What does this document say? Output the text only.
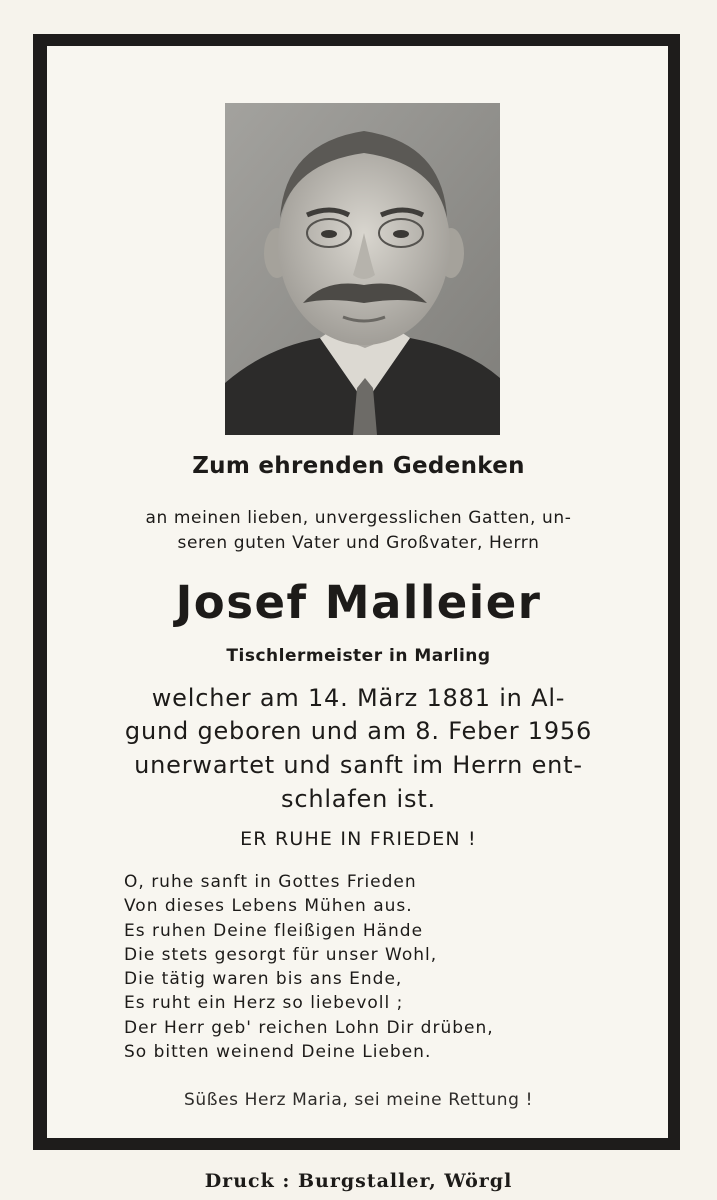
Zum ehrenden Gedenken
an meinen lieben, unvergesslichen Gatten, un-
seren guten Vater und Großvater, Herrn
Josef Malleier
Tischlermeister in Marling
welcher am 14. März 1881 in Al-
gund geboren und am 8. Feber 1956
unerwartet und sanft im Herrn ent-
schlafen ist.
ER RUHE IN FRIEDEN !
O, ruhe sanft in Gottes Frieden
Von dieses Lebens Mühen aus.
Es ruhen Deine fleißigen Hände
Die stets gesorgt für unser Wohl,
Die tätig waren bis ans Ende,
Es ruht ein Herz so liebevoll ;
Der Herr geb' reichen Lohn Dir drüben,
So bitten weinend Deine Lieben.
Süßes Herz Maria, sei meine Rettung !
Druck : Burgstaller, Wörgl
